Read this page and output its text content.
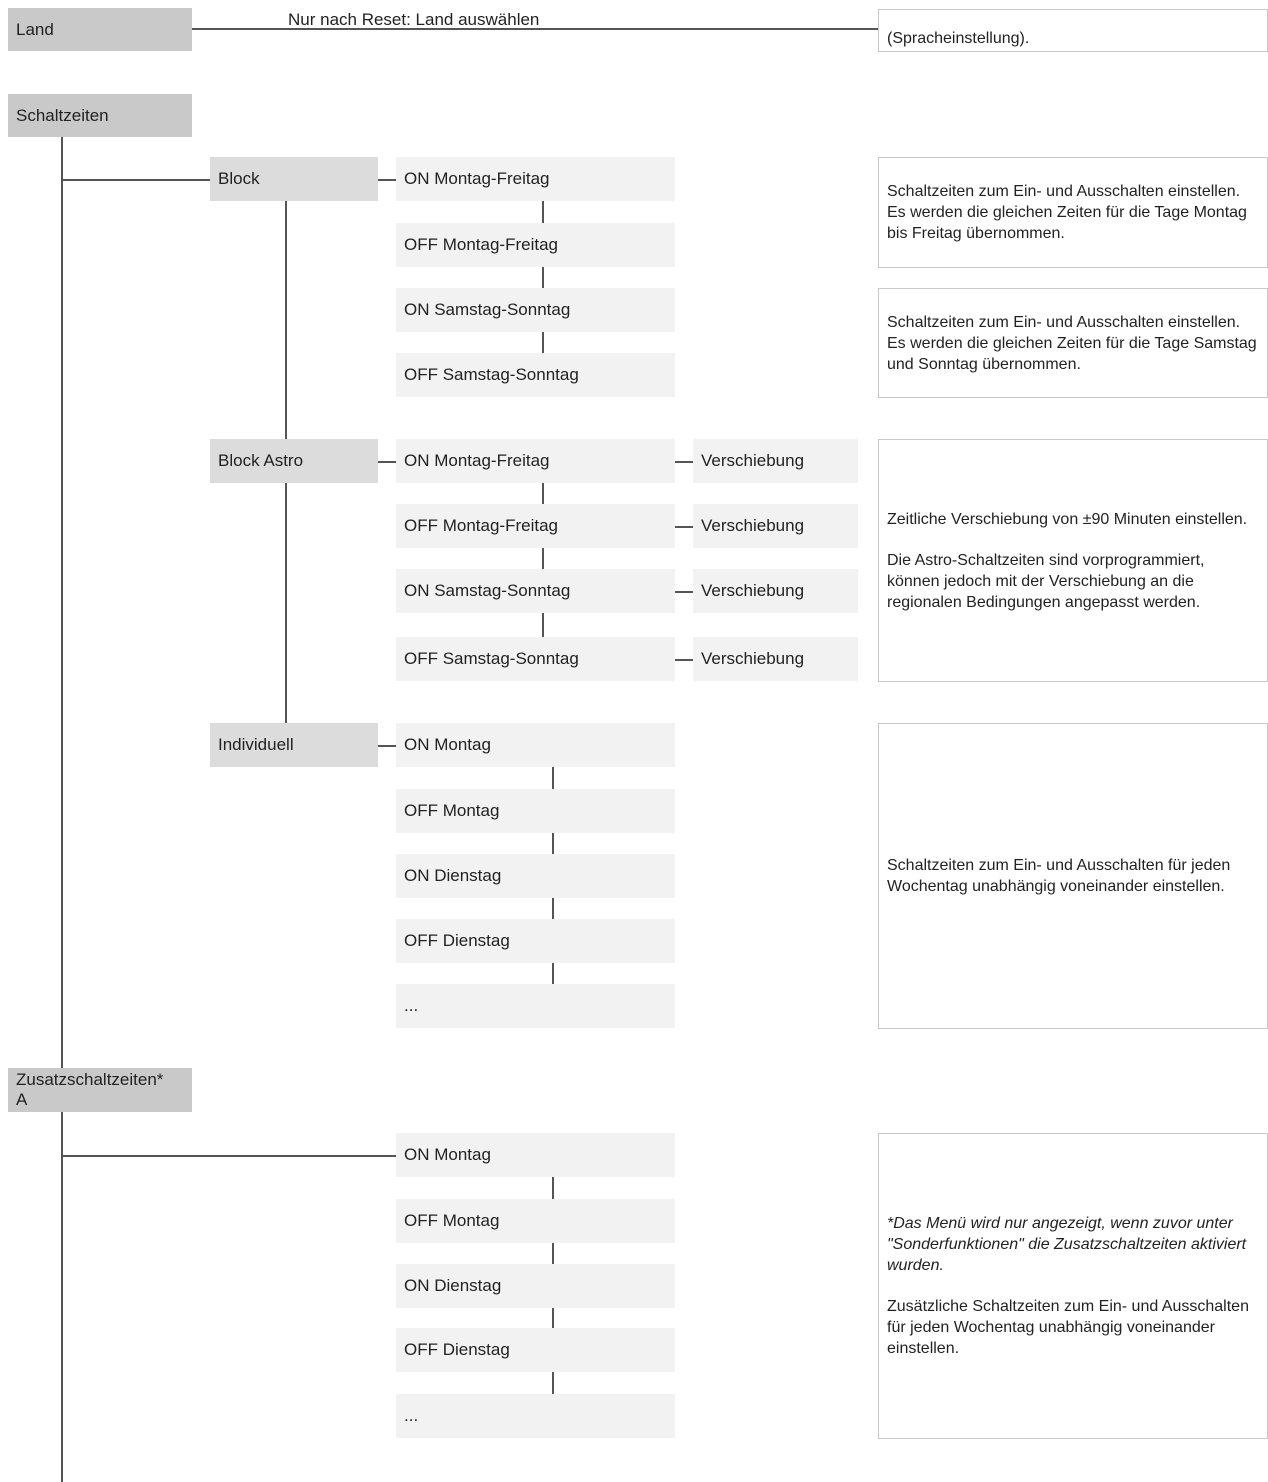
Land	Nur nach Reset: Land auswählen

(Spracheinstellung).

Schaltzeiten
Block	ON Montag-Freitag
OFF Montag-Freitag
ON Samstag-Sonntag
OFF Samstag-Sonntag

Schaltzeiten zum Ein- und Ausschalten einstellen. Es werden die gleichen Zeiten für die Tage Montag bis Freitag übernommen.

Schaltzeiten zum Ein- und Ausschalten einstellen. Es werden die gleichen Zeiten für die Tage Samstag und Sonntag übernommen.

Block Astro	ON Montag-Freitag	Verschiebung
OFF Montag-Freitag	Verschiebung
ON Samstag-Sonntag	Verschiebung
OFF Samstag-Sonntag	Verschiebung

Zeitliche Verschiebung von ±90 Minuten einstellen.

Die Astro-Schaltzeiten sind vorprogrammiert, können jedoch mit der Verschiebung an die regionalen Bedingungen angepasst werden.

Individuell	ON Montag
OFF Montag
ON Dienstag
OFF Dienstag
...

Schaltzeiten zum Ein- und Ausschalten für jeden Wochentag unabhängig voneinander einstellen.

Zusatzschaltzeiten*
A
ON Montag
OFF Montag
ON Dienstag
OFF Dienstag
...

*Das Menü wird nur angezeigt, wenn zuvor unter "Sonderfunktionen" die Zusatzschaltzeiten aktiviert wurden.

Zusätzliche Schaltzeiten zum Ein- und Ausschalten für jeden Wochentag unabhängig voneinander einstellen.
